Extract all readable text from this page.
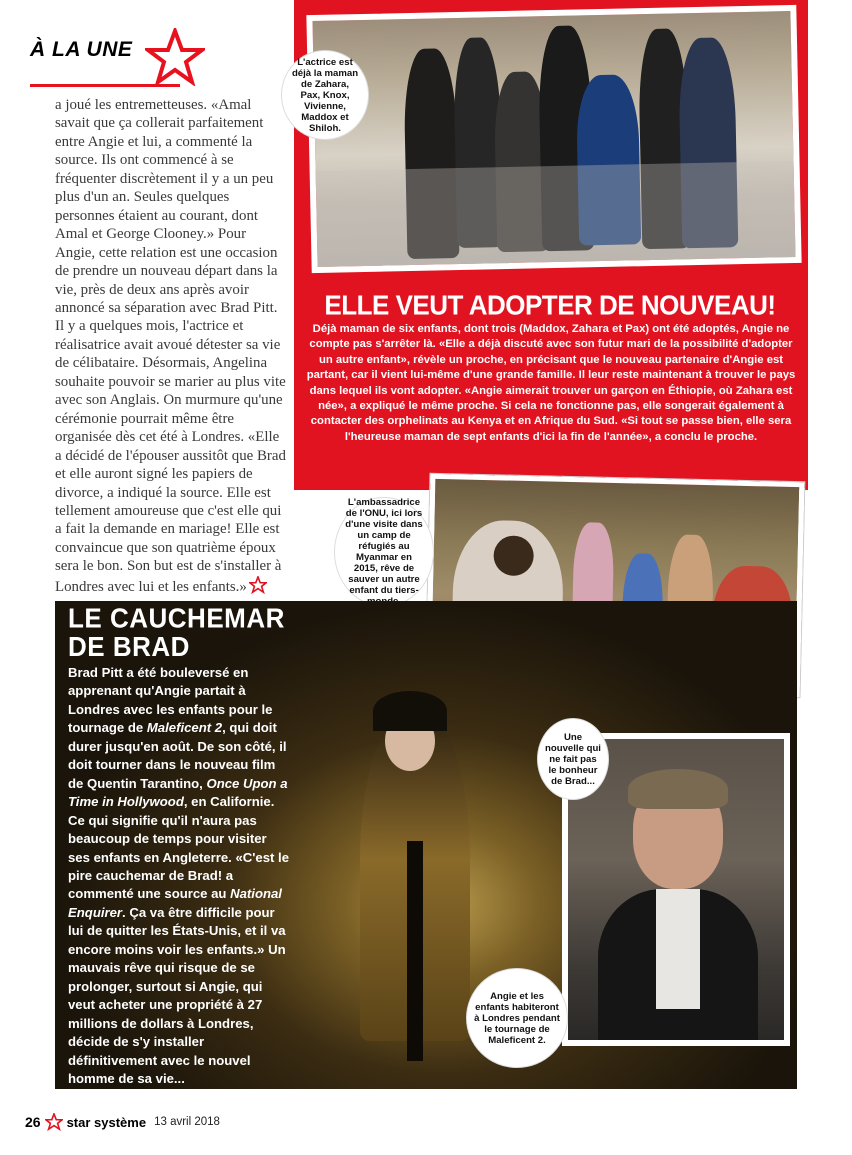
À LA UNE
a joué les entremetteuses. «Amal savait que ça collerait parfaitement entre Angie et lui, a commenté la source. Ils ont commencé à se fréquenter discrètement il y a un peu plus d'un an. Seules quelques personnes étaient au courant, dont Amal et George Clooney.» Pour Angie, cette relation est une occasion de prendre un nouveau départ dans la vie, près de deux ans après avoir annoncé sa séparation avec Brad Pitt. Il y a quelques mois, l'actrice et réalisatrice avait avoué détester sa vie de célibataire. Désormais, Angelina souhaite pouvoir se marier au plus vite avec son Anglais. On murmure qu'une cérémonie pourrait même être organisée dès cet été à Londres. «Elle a décidé de l'épouser aussitôt que Brad et elle auront signé les papiers de divorce, a indiqué la source. Elle est tellement amoureuse que c'est elle qui a fait la demande en mariage! Elle est convaincue que son quatrième époux sera le bon. Son but est de s'installer à Londres avec lui et les enfants.»
L'actrice est déjà la maman de Zahara, Pax, Knox, Vivienne, Maddox et Shiloh.
ELLE VEUT ADOPTER DE NOUVEAU!
Déjà maman de six enfants, dont trois (Maddox, Zahara et Pax) ont été adoptés, Angie ne compte pas s'arrêter là. «Elle a déjà discuté avec son futur mari de la possibilité d'adopter un autre enfant», révèle un proche, en précisant que le nouveau partenaire d'Angie est partant, car il vient lui-même d'une grande famille. Il leur reste maintenant à trouver le pays dans lequel ils vont adopter. «Angie aimerait trouver un garçon en Éthiopie, où Zahara est née», a expliqué le même proche. Si cela ne fonctionne pas, elle songerait également à contacter des orphelinats au Kenya et en Afrique du Sud. «Si tout se passe bien, elle sera l'heureuse maman de sept enfants d'ici la fin de l'année», a conclu le proche.
L'ambassadrice de l'ONU, ici lors d'une visite dans un camp de réfugiés au Myanmar en 2015, rêve de sauver un autre enfant du tiers-
LE CAUCHEMAR
DE BRAD
Brad Pitt a été bouleversé en apprenant qu'Angie partait à Londres avec les enfants pour le tournage de Maleficent 2, qui doit durer jusqu'en août. De son côté, il doit tourner dans le nouveau film de Quentin Tarantino, Once Upon a Time in Hollywood, en Californie. Ce qui signifie qu'il n'aura pas beaucoup de temps pour visiter ses enfants en Angleterre. «C'est le pire cauchemar de Brad! a commenté une source au National Enquirer. Ça va être difficile pour lui de quitter les États-Unis, et il va encore moins voir les enfants.» Un mauvais rêve qui risque de se prolonger, surtout si Angie, qui veut acheter une propriété à 27 millions de dollars à Londres, décide de s'y installer définitivement avec le nouvel homme de sa vie...
Une nouvelle qui ne fait pas le bonheur de Brad...
Angie et les enfants habiteront à Londres pendant le tournage de Maleficent 2.
26 star système 13 avril 2018
